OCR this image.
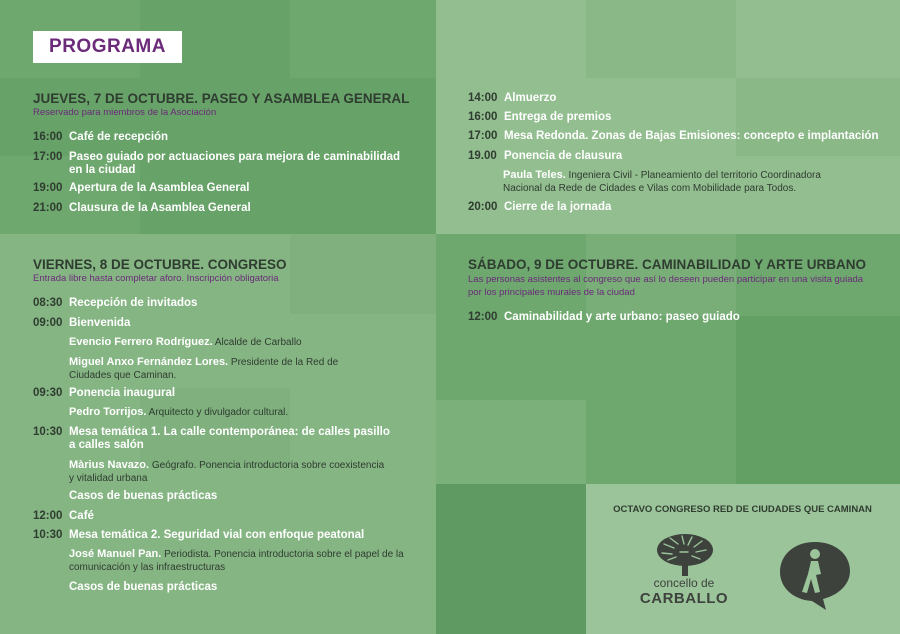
PROGRAMA
JUEVES, 7 DE OCTUBRE. PASEO Y ASAMBLEA GENERAL
Reservado para miembros de la Asociación
16:00 Café de recepción
17:00 Paseo guiado por actuaciones para mejora de caminabilidad
en la ciudad
19:00 Apertura de la Asamblea General
21:00 Clausura de la Asamblea General
VIERNES, 8 DE OCTUBRE. CONGRESO
Entrada libre hasta completar aforo. Inscripción obligatoria
08:30 Recepción de invitados
09:00 Bienvenida
Evencio Ferrero Rodríguez. Alcalde de Carballo
Miguel Anxo Fernández Lores. Presidente de la Red de
Ciudades que Caminan.
09:30 Ponencia inaugural
Pedro Torrijos. Arquitecto y divulgador cultural.
10:30 Mesa temática 1. La calle contemporánea: de calles pasillo
a calles salón
Màrius Navazo. Geógrafo. Ponencia introductoria sobre coexistencia
y vitalidad urbana
Casos de buenas prácticas
12:00 Café
10:30 Mesa temática 2. Seguridad vial con enfoque peatonal
José Manuel Pan. Periodista. Ponencia introductoria sobre el papel de la
comunicación y las infraestructuras
Casos de buenas prácticas
14:00 Almuerzo
16:00 Entrega de premios
17:00 Mesa Redonda. Zonas de Bajas Emisiones: concepto e implantación
19.00 Ponencia de clausura
Paula Teles. Ingeniera Civil - Planeamiento del territorio Coordinadora
Nacional da Rede de Cidades e Vilas com Mobilidade para Todos.
20:00 Cierre de la jornada
SÁBADO, 9 DE OCTUBRE. CAMINABILIDAD Y ARTE URBANO
Las personas asistentes al congreso que así lo deseen pueden participar en una visita guiada
por los principales murales de la ciudad
12:00 Caminabilidad y arte urbano: paseo guiado
OCTAVO CONGRESO RED DE CIUDADES QUE CAMINAN
concello de
CARBALLO
